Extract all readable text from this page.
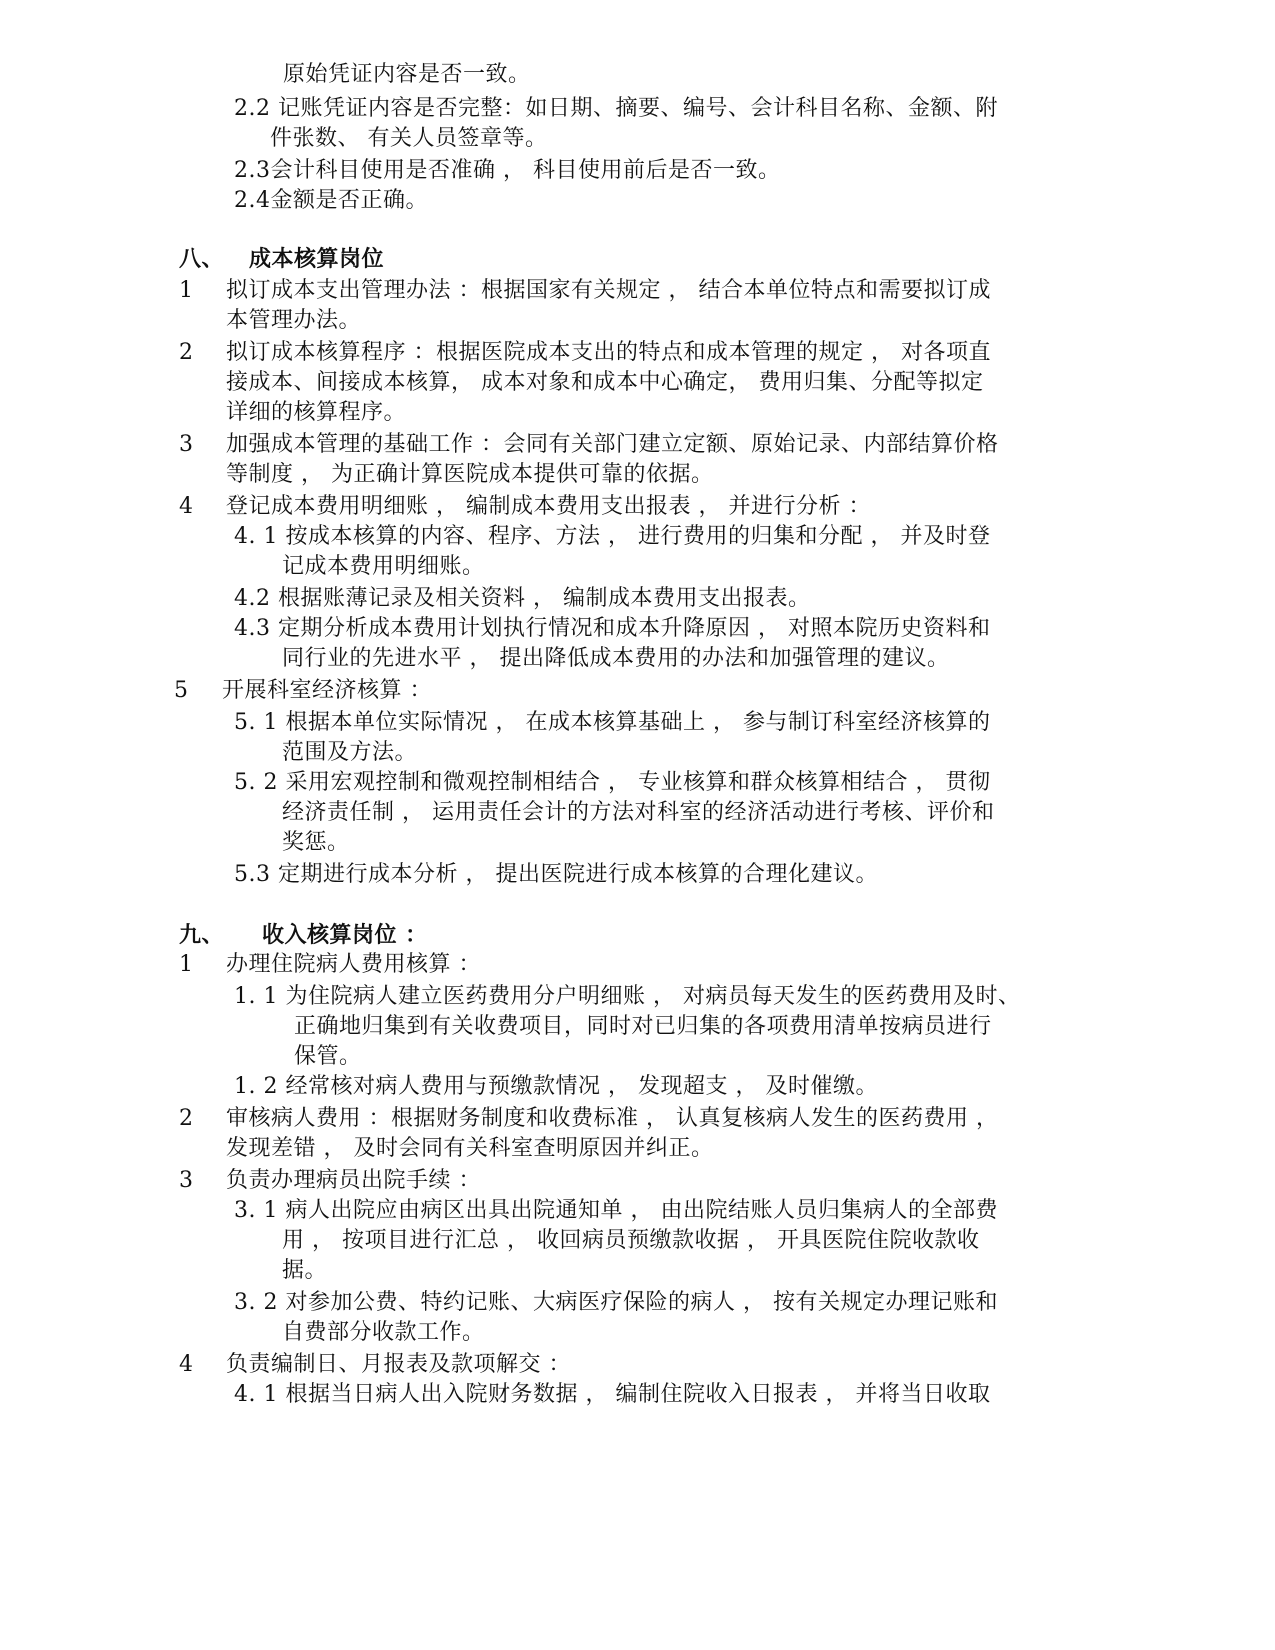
原始凭证内容是否一致。
2.2 记账凭证内容是否完整：如日期、摘要、编号、会计科目名称、金额、附
件张数、 有关人员签章等。
2.3会计科目使用是否准确 ， 科目使用前后是否一致。
2.4金额是否正确。
八、 成本核算岗位
1 拟订成本支出管理办法 ：根据国家有关规定 ， 结合本单位特点和需要拟订成
本管理办法。
2 拟订成本核算程序 ：根据医院成本支出的特点和成本管理的规定 ， 对各项直
接成本、间接成本核算， 成本对象和成本中心确定， 费用归集、分配等拟定
详细的核算程序。
3 加强成本管理的基础工作 ：会同有关部门建立定额、原始记录、内部结算价格
等制度 ， 为正确计算医院成本提供可靠的依据。
4 登记成本费用明细账 ， 编制成本费用支出报表 ， 并进行分析 ：
4. 1 按成本核算的内容、程序、方法 ， 进行费用的归集和分配 ， 并及时登
记成本费用明细账。
4.2 根据账薄记录及相关资料 ， 编制成本费用支出报表。
4.3 定期分析成本费用计划执行情况和成本升降原因 ， 对照本院历史资料和
同行业的先进水平 ， 提出降低成本费用的办法和加强管理的建议。
5 开展科室经济核算 ：
5. 1 根据本单位实际情况 ， 在成本核算基础上 ， 参与制订科室经济核算的
范围及方法。
5. 2 采用宏观控制和微观控制相结合 ， 专业核算和群众核算相结合 ， 贯彻
经济责任制 ， 运用责任会计的方法对科室的经济活动进行考核、评价和
奖惩。
5.3 定期进行成本分析 ， 提出医院进行成本核算的合理化建议。
九、 收入核算岗位 ：
1 办理住院病人费用核算 ：
1. 1 为住院病人建立医药费用分户明细账 ， 对病员每天发生的医药费用及时、
正确地归集到有关收费项目，同时对已归集的各项费用清单按病员进行
保管。
1. 2 经常核对病人费用与预缴款情况 ， 发现超支 ， 及时催缴。
2 审核病人费用 ：根据财务制度和收费标准 ， 认真复核病人发生的医药费用 ，
发现差错 ， 及时会同有关科室查明原因并纠正。
3 负责办理病员出院手续 ：
3. 1 病人出院应由病区出具出院通知单 ， 由出院结账人员归集病人的全部费
用 ， 按项目进行汇总 ， 收回病员预缴款收据 ， 开具医院住院收款收
据。
3. 2 对参加公费、特约记账、大病医疗保险的病人 ， 按有关规定办理记账和
自费部分收款工作。
4 负责编制日、月报表及款项解交 ：
4. 1 根据当日病人出入院财务数据 ， 编制住院收入日报表 ， 并将当日收取
